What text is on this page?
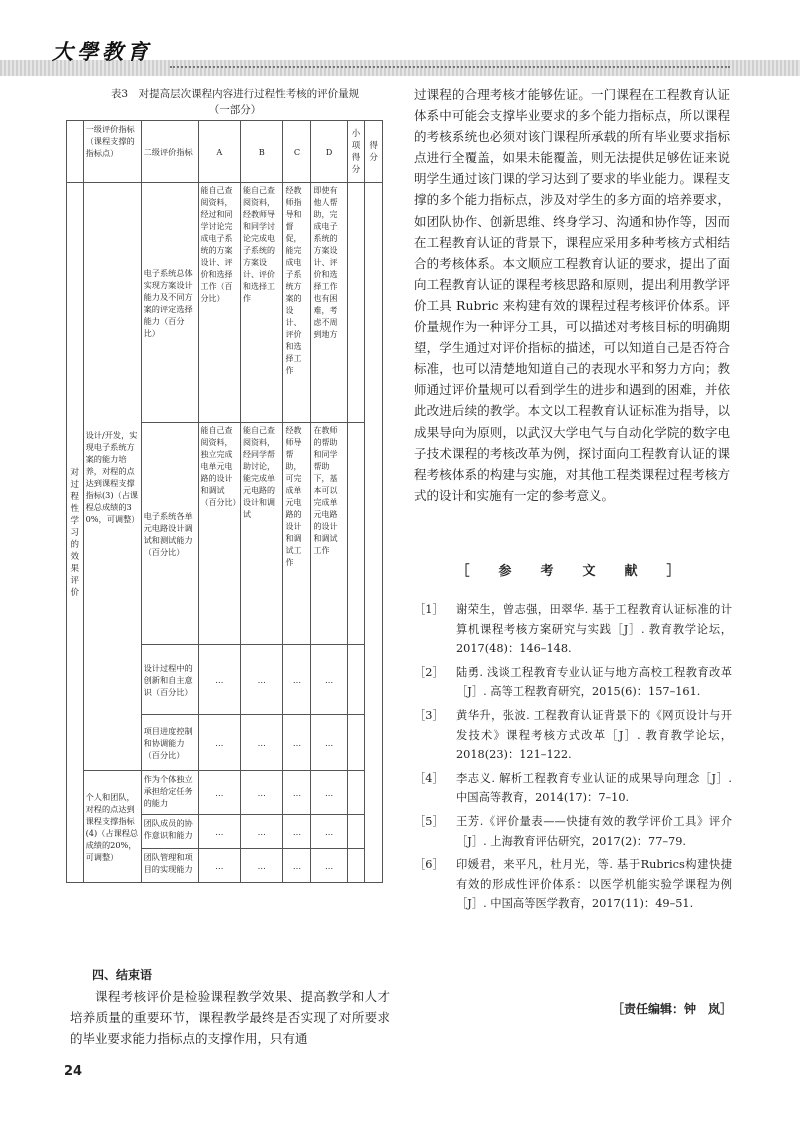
大學教育
表3　对提高层次课程内容进行过程性考核的评价量规
（一部分）
	一级评价指标（课程支撑的指标点）	二级评价指标	A	B	C	D	小项得分	得分
对过程性学习的效果评价	设计/开发，实现电子系统方案的能力培养，对程的点达到课程支撑指标(3)（占课程总成绩的30%，可调整）	电子系统总体实现方案设计能力及不同方案的评定选择能力（百分比）	能自己查阅资料，经过和同学讨论完成电子系统的方案设计、评价和选择工作（百分比）	能自己查阅资料，经教师导和同学讨论完成电子系统的方案设计、评价和选择工作	经教师指导和督促，能完成电子系统方案的设计、评价和选择工作	即使有他人帮助，完成电子系统的方案设计、评价和选择工作也有困难，考虑不周到地方		
		电子系统各单元电路设计调试和测试能力（百分比）	能自己查阅资料，独立完成电单元电路的设计和调试（百分比）	能自己查阅资料，经同学帮助讨论，能完成单元电路的设计和调试	经教师导帮助，可完成单元电路的设计和调试工作	在教师的帮助和同学帮助下，基本可以完成单元电路的设计和调试工作		
		设计过程中的创新和自主意识（百分比）	…	…	…	…		
		项目进度控制和协调能力（百分比）	…	…	…	…		
	个人和团队，对程的点达到课程支撑指标(4)（占课程总成绩的20%，可调整）	作为个体独立承担给定任务的能力	…	…	…	…		
		团队成员的协作意识和能力	…	…	…	…		
		团队管理和项目的实现能力	…	…	…	…		
四、结束语
课程考核评价是检验课程教学效果、提高教学和人才培养质量的重要环节，课程教学最终是否实现了对所要求的毕业要求能力指标点的支撑作用，只有通
过课程的合理考核才能够佐证。一门课程在工程教育认证体系中可能会支撑毕业要求的多个能力指标点，所以课程的考核系统也必须对该门课程所承载的所有毕业要求指标点进行全覆盖，如果未能覆盖，则无法提供足够佐证来说明学生通过该门课的学习达到了要求的毕业能力。课程支撑的多个能力指标点，涉及对学生的多方面的培养要求，如团队协作、创新思维、终身学习、沟通和协作等，因而在工程教育认证的背景下，课程应采用多种考核方式相结合的考核体系。本文顺应工程教育认证的要求，提出了面向工程教育认证的课程考核思路和原则，提出利用教学评价工具 Rubric 来构建有效的课程过程考核评价体系。评价量规作为一种评分工具，可以描述对考核目标的明确期望，学生通过对评价指标的描述，可以知道自己是否符合标准，也可以清楚地知道自己的表现水平和努力方向；教师通过评价量规可以看到学生的进步和遇到的困难，并依此改进后续的教学。本文以工程教育认证标准为指导，以成果导向为原则，以武汉大学电气与自动化学院的数字电子技术课程的考核改革为例，探讨面向工程教育认证的课程考核体系的构建与实施，对其他工程类课程过程考核方式的设计和实施有一定的参考意义。
［　参　考　文　献　］
［1］	谢荣生，曾志强，田翠华. 基于工程教育认证标准的计算机课程考核方案研究与实践［J］. 教育教学论坛，2017(48)：146–148.
［2］	陆勇. 浅谈工程教育专业认证与地方高校工程教育改革［J］. 高等工程教育研究，2015(6)：157–161.
［3］	黄华升，张波. 工程教育认证背景下的《网页设计与开发技术》课程考核方式改革［J］. 教育教学论坛，2018(23)：121–122.
［4］	李志义. 解析工程教育专业认证的成果导向理念［J］. 中国高等教育，2014(17)：7–10.
［5］	王芳.《评价量表——快捷有效的教学评价工具》评介［J］. 上海教育评估研究，2017(2)：77–79.
［6］	印媛君，来平凡，杜月光，等. 基于Rubrics构建快捷有效的形成性评价体系：以医学机能实验学课程为例［J］. 中国高等医学教育，2017(11)：49–51.
［责任编辑：钟　岚］
24
